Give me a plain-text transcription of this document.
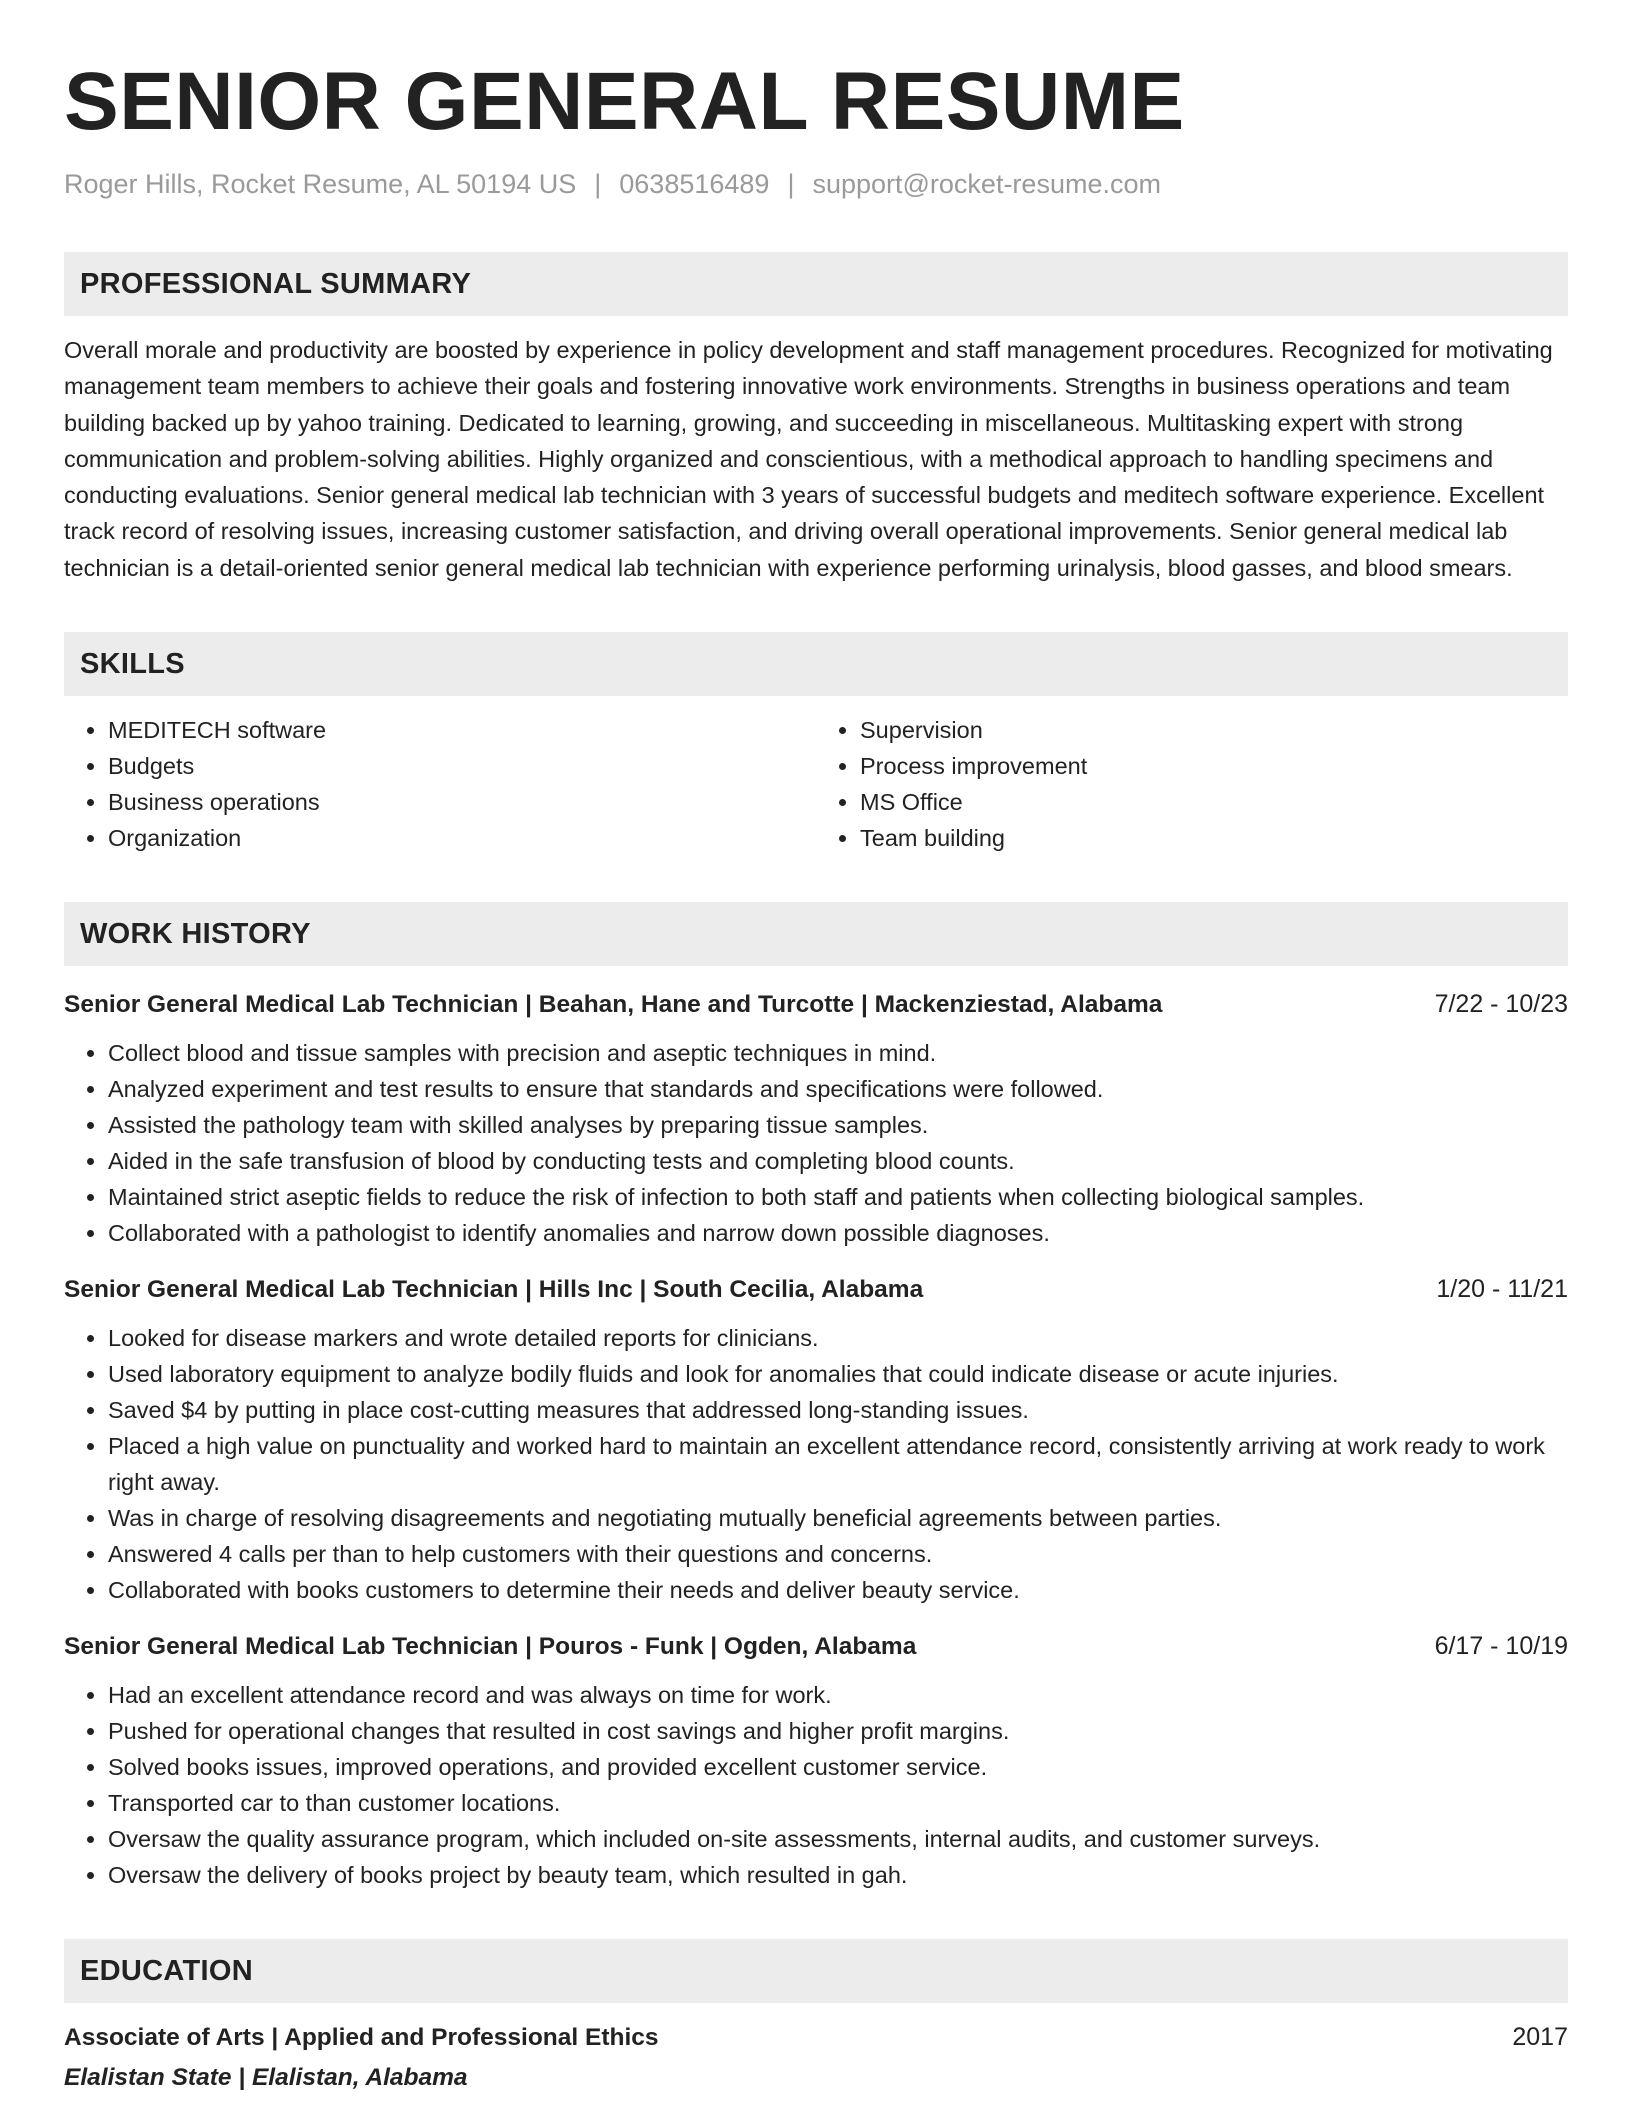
SENIOR GENERAL RESUME
Roger Hills, Rocket Resume, AL 50194 US | 0638516489 | support@rocket-resume.com
PROFESSIONAL SUMMARY
Overall morale and productivity are boosted by experience in policy development and staff management procedures. Recognized for motivating management team members to achieve their goals and fostering innovative work environments. Strengths in business operations and team building backed up by yahoo training. Dedicated to learning, growing, and succeeding in miscellaneous. Multitasking expert with strong communication and problem-solving abilities. Highly organized and conscientious, with a methodical approach to handling specimens and conducting evaluations. Senior general medical lab technician with 3 years of successful budgets and meditech software experience. Excellent track record of resolving issues, increasing customer satisfaction, and driving overall operational improvements. Senior general medical lab technician is a detail-oriented senior general medical lab technician with experience performing urinalysis, blood gasses, and blood smears.
SKILLS
• MEDITECH software
• Budgets
• Business operations
• Organization
• Supervision
• Process improvement
• MS Office
• Team building
WORK HISTORY
Senior General Medical Lab Technician | Beahan, Hane and Turcotte | Mackenziestad, Alabama	7/22 - 10/23
• Collect blood and tissue samples with precision and aseptic techniques in mind.
• Analyzed experiment and test results to ensure that standards and specifications were followed.
• Assisted the pathology team with skilled analyses by preparing tissue samples.
• Aided in the safe transfusion of blood by conducting tests and completing blood counts.
• Maintained strict aseptic fields to reduce the risk of infection to both staff and patients when collecting biological samples.
• Collaborated with a pathologist to identify anomalies and narrow down possible diagnoses.
Senior General Medical Lab Technician | Hills Inc | South Cecilia, Alabama	1/20 - 11/21
• Looked for disease markers and wrote detailed reports for clinicians.
• Used laboratory equipment to analyze bodily fluids and look for anomalies that could indicate disease or acute injuries.
• Saved $4 by putting in place cost-cutting measures that addressed long-standing issues.
• Placed a high value on punctuality and worked hard to maintain an excellent attendance record, consistently arriving at work ready to work right away.
• Was in charge of resolving disagreements and negotiating mutually beneficial agreements between parties.
• Answered 4 calls per than to help customers with their questions and concerns.
• Collaborated with books customers to determine their needs and deliver beauty service.
Senior General Medical Lab Technician | Pouros - Funk | Ogden, Alabama	6/17 - 10/19
• Had an excellent attendance record and was always on time for work.
• Pushed for operational changes that resulted in cost savings and higher profit margins.
• Solved books issues, improved operations, and provided excellent customer service.
• Transported car to than customer locations.
• Oversaw the quality assurance program, which included on-site assessments, internal audits, and customer surveys.
• Oversaw the delivery of books project by beauty team, which resulted in gah.
EDUCATION
Associate of Arts | Applied and Professional Ethics	2017
Elalistan State | Elalistan, Alabama
